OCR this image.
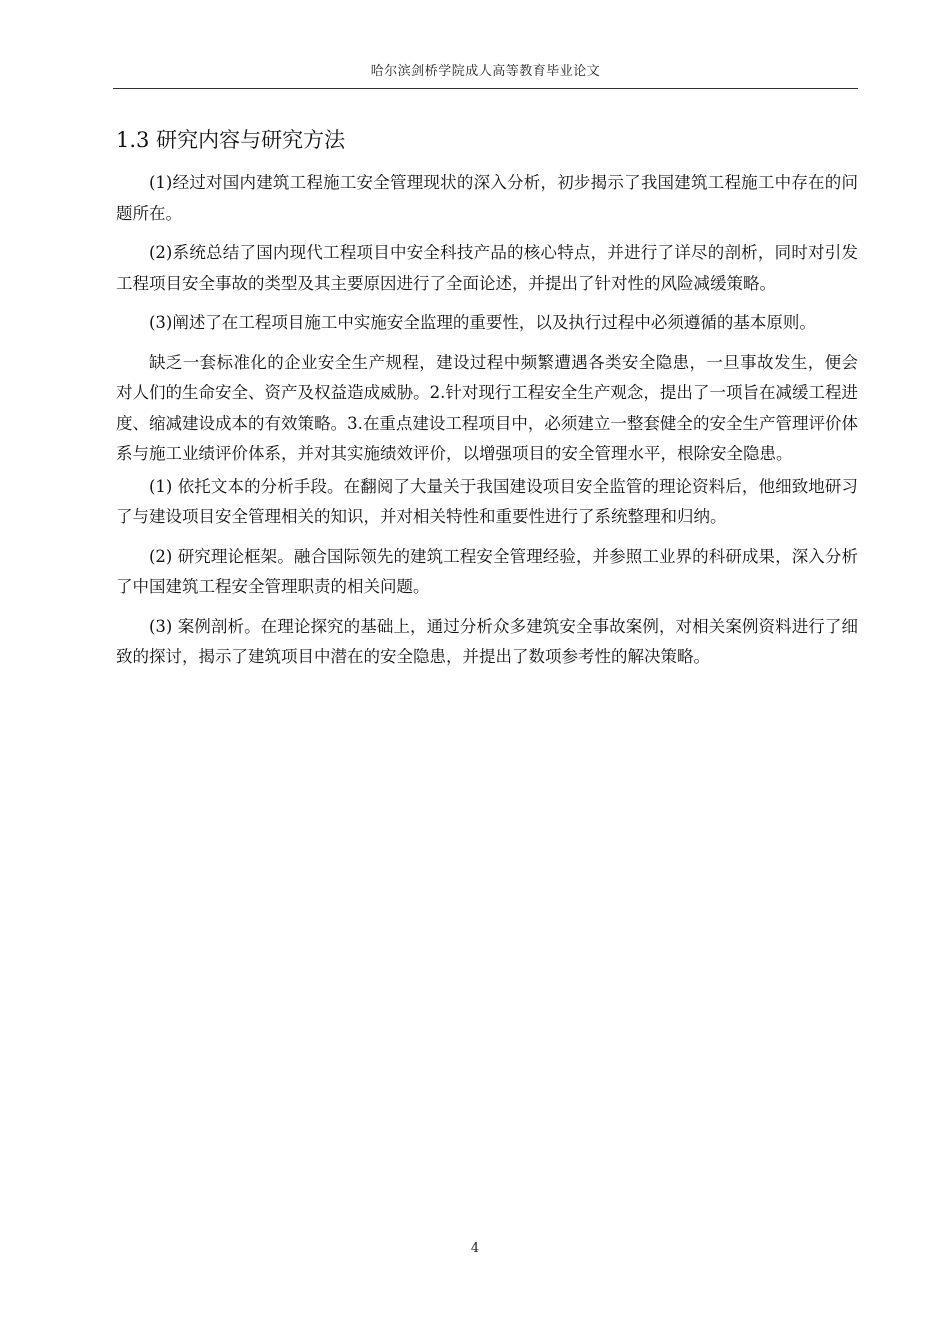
哈尔滨剑桥学院成人高等教育毕业论文
1.3 研究内容与研究方法

(1)经过对国内建筑工程施工安全管理现状的深入分析，初步揭示了我国建筑工程施工中存在的问题所在。

(2)系统总结了国内现代工程项目中安全科技产品的核心特点，并进行了详尽的剖析，同时对引发工程项目安全事故的类型及其主要原因进行了全面论述，并提出了针对性的风险减缓策略。

(3)阐述了在工程项目施工中实施安全监理的重要性，以及执行过程中必须遵循的基本原则。

缺乏一套标准化的企业安全生产规程，建设过程中频繁遭遇各类安全隐患，一旦事故发生，便会对人们的生命安全、资产及权益造成威胁。2.针对现行工程安全生产观念，提出了一项旨在减缓工程进度、缩减建设成本的有效策略。3.在重点建设工程项目中，必须建立一整套健全的安全生产管理评价体系与施工业绩评价体系，并对其实施绩效评价，以增强项目的安全管理水平，根除安全隐患。

(1) 依托文本的分析手段。在翻阅了大量关于我国建设项目安全监管的理论资料后，他细致地研习了与建设项目安全管理相关的知识，并对相关特性和重要性进行了系统整理和归纳。

(2) 研究理论框架。融合国际领先的建筑工程安全管理经验，并参照工业界的科研成果，深入分析了中国建筑工程安全管理职责的相关问题。

(3) 案例剖析。在理论探究的基础上，通过分析众多建筑安全事故案例，对相关案例资料进行了细致的探讨，揭示了建筑项目中潜在的安全隐患，并提出了数项参考性的解决策略。

4
